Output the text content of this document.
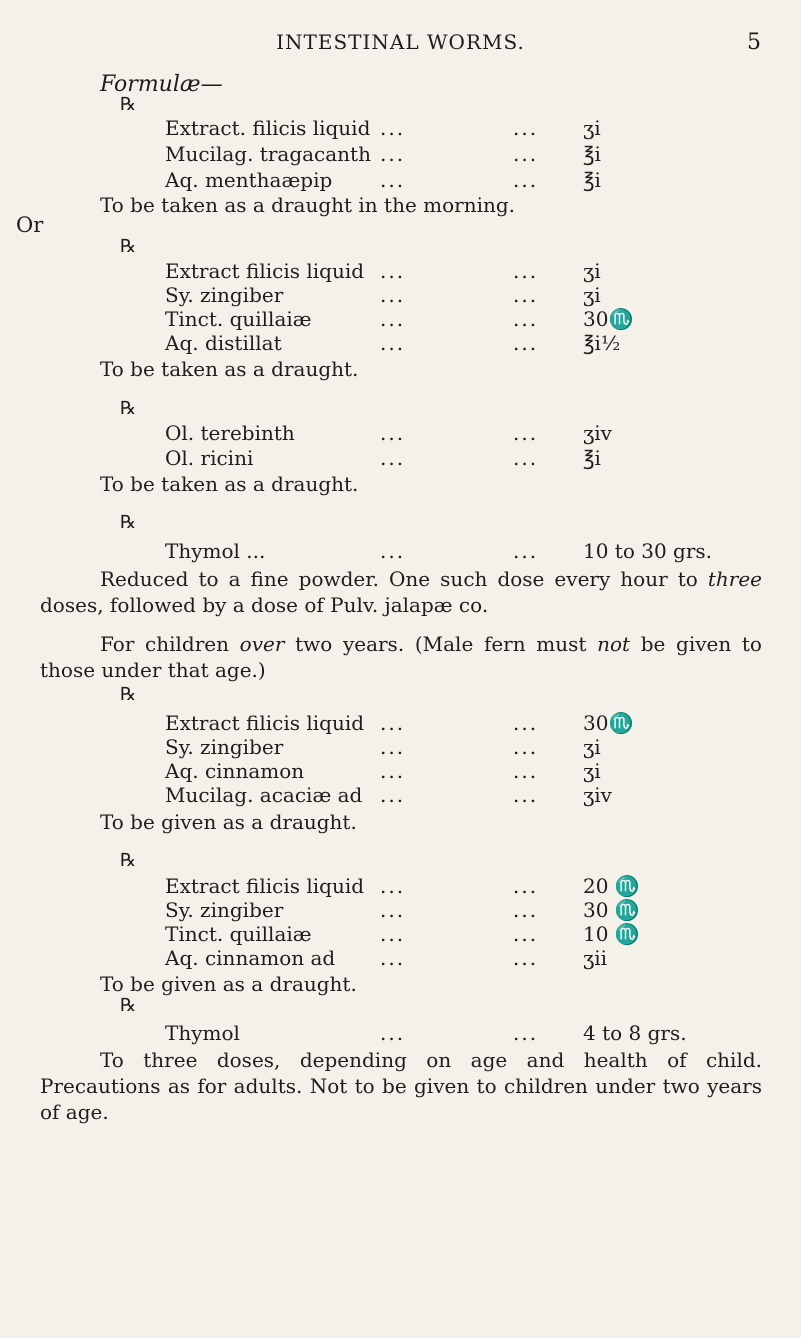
INTESTINAL WORMS.	5
Formulæ—
℞
Extract. filicis liquid ...	... ʒi
Mucilag. tragacanth ...	... ℥i
Aq. menthaæpip ...	... ℥i
To be taken as a draught in the morning.
Or
℞
Extract filicis liquid ...	... ʒi
Sy. zingiber	...	... ʒi
Tinct. quillaiæ	...	... 30♏
Aq. distillat	...	... ℥i½
To be taken as a draught.
℞
Ol. terebinth	...	... ʒiv
Ol. ricini	...	... ℥i
To be taken as a draught.
℞
Thymol ...	...	... 10 to 30 grs.
Reduced to a fine powder. One such dose every hour to three doses, followed by a dose of Pulv. jalapæ co.
For children over two years. (Male fern must not be given to those under that age.)
℞
Extract filicis liquid ...	... 30♏
Sy. zingiber	...	... ʒi
Aq. cinnamon	...	... ʒi
Mucilag. acaciæ ad ...	... ʒiv
To be given as a draught.
℞
Extract filicis liquid ...	... 20 ♏
Sy. zingiber	...	... 30 ♏
Tinct. quillaiæ	...	... 10 ♏
Aq. cinnamon ad ...	... ʒii
To be given as a draught.
℞
Thymol	...	... 4 to 8 grs.
To three doses, depending on age and health of child. Precautions as for adults. Not to be given to children under two years of age.
